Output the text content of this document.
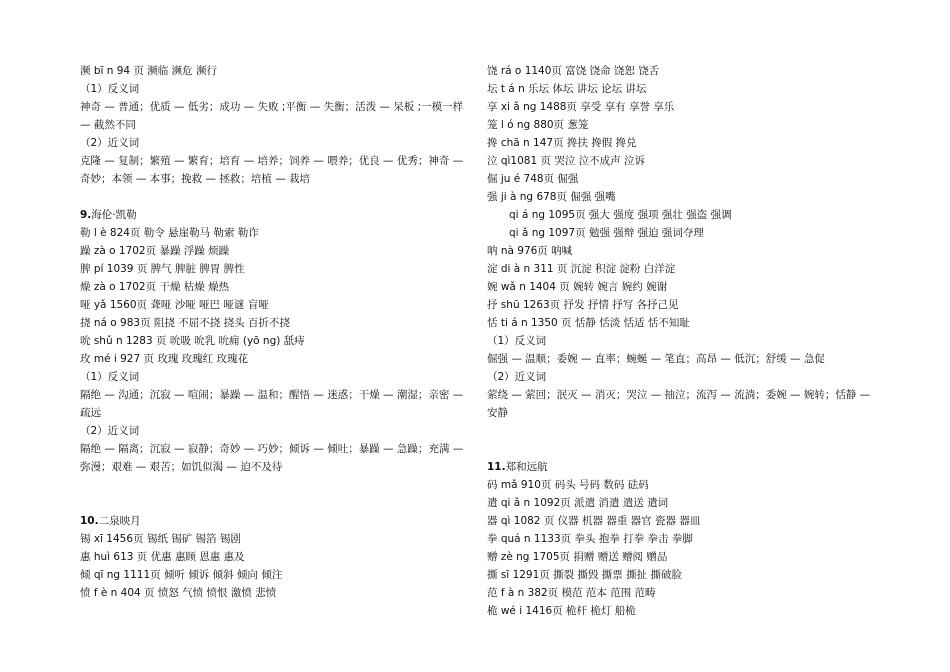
濒 bī n 94 页 濒临 濒危 濒行
（1）反义词
神奇 — 普通；优质 — 低劣；成功 — 失败 ;平衡 — 失衡；活泼 — 呆板 ;一模一样
— 截然不同
（2）近义词
克隆 — 复制；繁殖 — 繁育；培育 — 培养；饲养 — 喂养；优良 — 优秀；神奇 —
奇妙；本领 — 本事；挽救 — 拯救；培植 — 栽培
9.海伦·凯勒
勒 l è 824页 勒令 悬崖勒马 勒索 勒诈
躁 zà o 1702页 暴躁 浮躁 烦躁
脾 pí 1039 页 脾气 脾脏 脾胃 脾性
燥 zà o 1702页 干燥 枯燥 燥热
哑 yǎ 1560页 聋哑 沙哑 哑巴 哑谜 盲哑
挠 ná o 983页 阻挠 不屈不挠 挠头 百折不挠
吮 shǔ n 1283 页 吮吸 吮乳 吮痈 (yō ng) 舐痔
玫 mé i 927 页 玫瑰 玫瑰红 玫瑰花
（1）反义词
隔绝 — 沟通；沉寂 — 喧闹；暴躁 — 温和；醒悟 — 迷惑；干燥 — 潮湿；亲密 —
疏远
（2）近义词
隔绝 — 隔离；沉寂 — 寂静；奇妙 — 巧妙；倾诉 — 倾吐；暴躁 — 急躁；充满 —
弥漫；艰难 — 艰苦；如饥似渴 — 迫不及待
10.二泉映月
锡 xī 1456页 锡纸 锡矿 锡箔 锡剧
惠 huì 613 页 优惠 惠顾 恩惠 惠及
倾 qī ng 1111页 倾听 倾诉 倾斜 倾向 倾注
愤 f è n 404 页 愤怒 气愤 愤恨 激愤 悲愤
饶 rá o 1140页 富饶 饶命 饶恕 饶舌
坛 t á n 乐坛 体坛 讲坛 论坛 讲坛
享 xi ǎ ng 1488页 享受 享有 享誉 享乐
笼 l ó ng 880页 葱笼
搀 chā n 147页 搀扶 搀假 搀兑
泣 qì1081 页 哭泣 泣不成声 泣诉
倔 ju é 748页 倔强
强 ji à ng 678页 倔强 强嘴
qi á ng 1095页 强大 强度 强项 强壮 强盗 强调
qi ǎ ng 1097页 勉强 强辩 强迫 强词夺理
呐 nà 976页 呐喊
淀 di à n 311 页 沉淀 积淀 淀粉 白洋淀
婉 wǎ n 1404 页 婉转 婉言 婉约 婉谢
抒 shū 1263页 抒发 抒情 抒写 各抒己见
恬 ti á n 1350 页 恬静 恬淡 恬适 恬不知耻
（1）反义词
倔强 — 温顺；委婉 — 直率；蜿蜒 — 笔直；高昂 — 低沉；舒缓 — 急促
（2）近义词
萦绕 — 萦回；泯灭 — 消灭；哭泣 — 抽泣；流泻 — 流淌；委婉 — 婉转；恬静 —
安静
11.郑和远航
码 mǎ 910页 码头 号码 数码 砝码
遣 qi ǎ n 1092页 派遣 消遣 遣送 遣词
器 qì 1082 页 仪器 机器 器重 器官 瓷器 器皿
拳 quá n 1133页 拳头 抱拳 打拳 拳击 拳脚
赠 zè ng 1705页 捐赠 赠送 赠阅 赠品
撕 sī 1291页 撕裂 撕毁 撕票 撕扯 撕破脸
范 f à n 382页 模范 范本 范围 范畴
桅 wé i 1416页 桅杆 桅灯 船桅
